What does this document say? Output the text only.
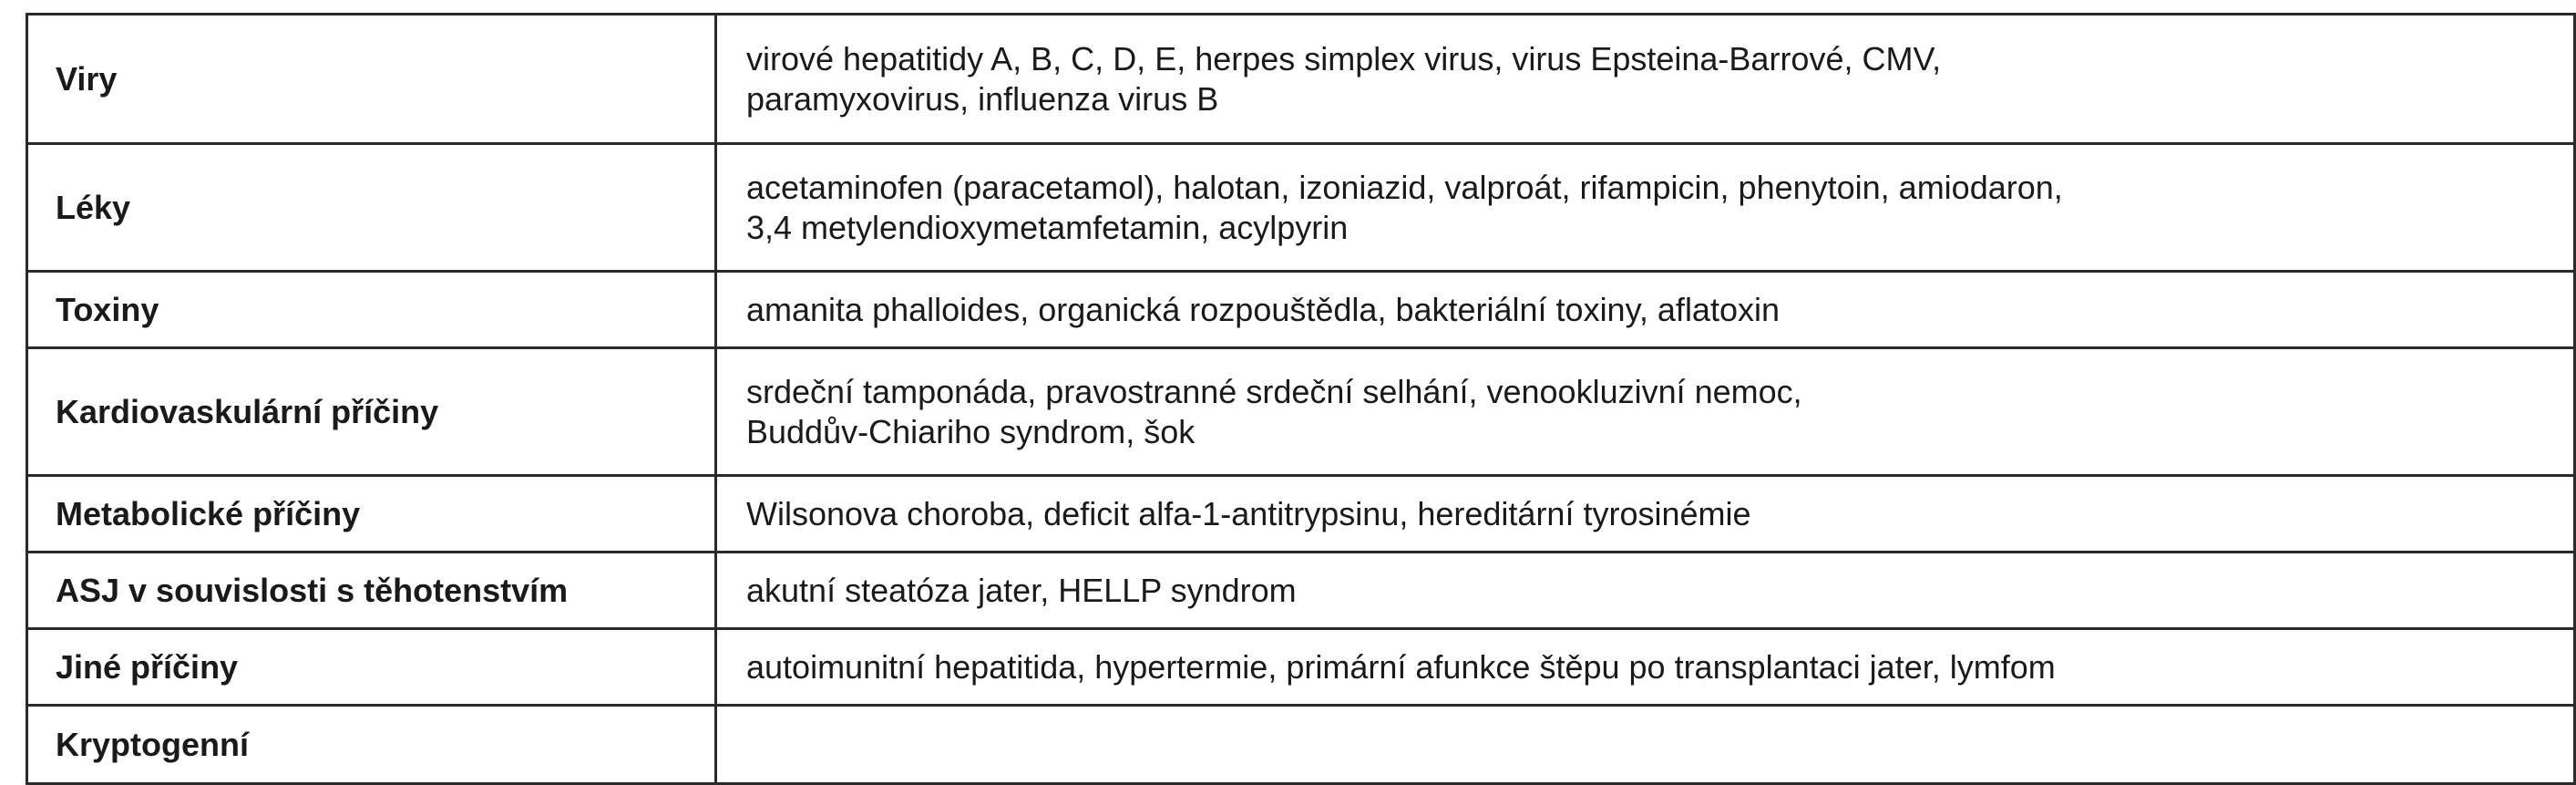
Viry	virové hepatitidy A, B, C, D, E, herpes simplex virus, virus Epsteina-Barrové, CMV,
paramyxovirus, influenza virus B

Léky	acetaminofen (paracetamol), halotan, izoniazid, valproát, rifampicin, phenytoin, amiodaron,
3,4 metylendioxymetamfetamin, acylpyrin

Toxiny	amanita phalloides, organická rozpouštědla, bakteriální toxiny, aflatoxin

Kardiovaskulární příčiny	srdeční tamponáda, pravostranné srdeční selhání, venookluzivní nemoc,
Buddův-Chiariho syndrom, šok

Metabolické příčiny	Wilsonova choroba, deficit alfa-1-antitrypsinu, hereditární tyrosinémie

ASJ v souvislosti s těhotenstvím	akutní steatóza jater, HELLP syndrom

Jiné příčiny	autoimunitní hepatitida, hypertermie, primární afunkce štěpu po transplantaci jater, lymfom

Kryptogenní	
